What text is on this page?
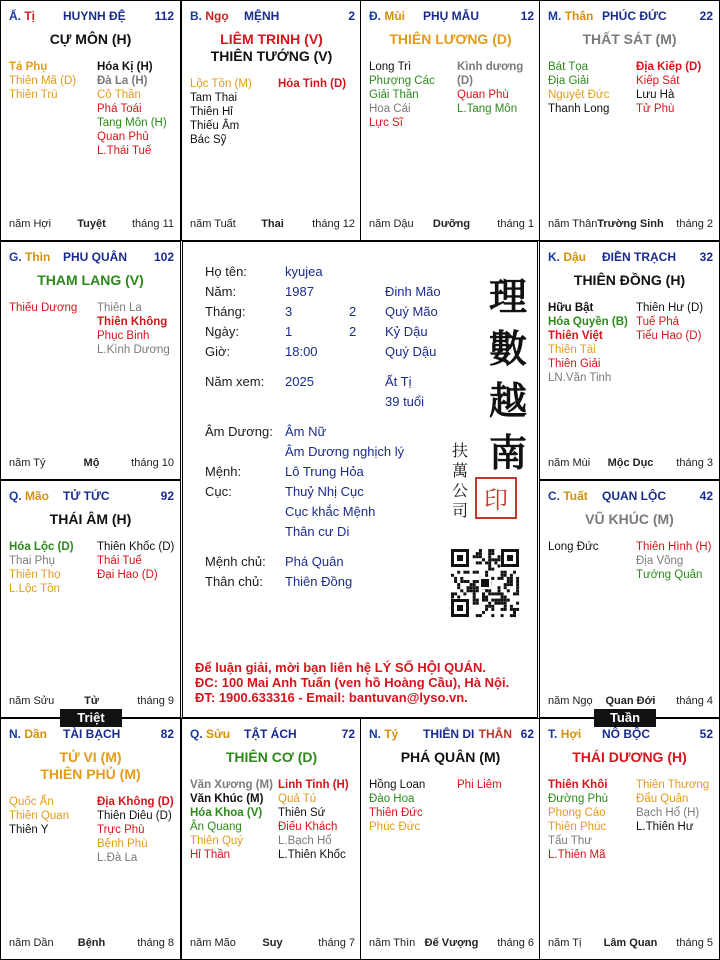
Ấ. Tị HUYNH ĐỆ 112
CỰ MÔN (H)
Tả Phụ
Thiên Mã (D)
Thiên Trù
Hóa Kị (H)
Đà La (H)
Cô Thần
Phá Toái
Tang Môn (H)
Quan Phủ
L.Thái Tuế
năm Hợi	Tuyệt	tháng 11
B. Ngọ MỆNH	2
LIÊM TRINH (V)
THIÊN TƯỚNG (V)
Lộc Tồn (M)
Tam Thai
Thiên Hỉ
Thiếu Âm
Bác Sỹ
Hỏa Tinh (D)
năm Tuất	Thai	tháng 12
Đ. Mùi PHỤ MẪU	12
THIÊN LƯƠNG (D)
Long Trì
Phượng Các
Giải Thần
Hoa Cái
Lực Sĩ
Kình dương (D)
Quan Phù
L.Tang Môn
năm Dậu	Dưỡng	tháng 1
M. Thân PHÚC ĐỨC	22
THẤT SÁT (M)
Bát Tọa
Địa Giải
Nguyệt Đức
Thanh Long
Địa Kiếp (D)
Kiếp Sát
Lưu Hà
Tử Phù
năm Thân Trường Sinh	tháng 2
G. Thìn PHU QUÂN 102
THAM LANG (V)
Thiếu Dương Thiên La
Thiên Không
Phục Binh
L.Kình Dương
năm Tý	Mộ	tháng 10
K. Dậu ĐIỀN TRẠCH 32
THIÊN ĐỒNG (H)
Hữu Bật
Hóa Quyền (B)
Thiên Việt
Thiên Tài
Thiên Giải
LN.Văn Tinh
Thiên Hư (D)
Tuế Phá
Tiểu Hao (D)
năm Mùi	Mộc Dục	tháng 3
Q. Mão TỬ TỨC	92
THÁI ÂM (H)
Hóa Lộc (D)
Thai Phụ
Thiên Thọ
L.Lộc Tồn
Thiên Khốc (D)
Thái Tuế
Đại Hao (D)
năm Sửu	Tử	tháng 9
C. Tuất QUAN LỘC	42
VŨ KHÚC (M)
Long Đức	Thiên Hình (H)
Địa Võng
Tướng Quân
năm Ngọ	Quan Đới	tháng 4
N. Dần TÀI BẠCH	82
TỬ VI (M)
THIÊN PHỦ (M)
Quốc Ấn
Thiên Quan
Thiên Y
Địa Không (D)
Thiên Diêu (D)
Trực Phù
Bệnh Phù
L.Đà La
năm Dần	Bệnh	tháng 8
Q. Sửu TẬT ÁCH	72
THIÊN CƠ (D)
Văn Xương (M)
Văn Khúc (M)
Hóa Khoa (V)
Ân Quang
Thiên Quý
Hỉ Thần
Linh Tinh (H)
Quả Tú
Thiên Sứ
Điếu Khách
L.Bạch Hổ
L.Thiên Khốc
năm Mão	Suy	tháng 7
N. Tý THIÊN DI THÂN 62
PHÁ QUÂN (M)
Hồng Loan
Đào Hoa
Thiên Đức
Phúc Đức
Phi Liêm
năm Thìn Đế Vượng	tháng 6
T. Hợi NÔ BỘC	52
THÁI DƯƠNG (H)
Thiên Khôi
Đường Phù
Phong Cáo
Thiên Phúc
Tấu Thư
L.Thiên Mã
Thiên Thương
Đẩu Quân
Bạch Hổ (H)
L.Thiên Hư
năm Tị	Lâm Quan	tháng 5
Họ tên:	kyujea
Năm:	1987	Đinh Mão
Tháng:	3	2 Quý Mão
Ngày:	1	2 Kỷ Dậu
Giờ:	18:00	Quý Dậu
Năm xem: 2025	Ất Tị
39 tuổi
Âm Dương: Âm Nữ
Âm Dương nghịch lý
Mệnh:	Lô Trung Hỏa
Cục:	Thuỷ Nhị Cục
Cục khắc Mệnh
Thân cư Di
Mệnh chủ: Phá Quân
Thân chủ: Thiên Đồng
Để luận giải, mời bạn liên hệ LÝ SỐ HỘI QUÁN.
ĐC: 100 Mai Anh Tuấn (ven hồ Hoàng Cầu), Hà Nội.
ĐT: 1900.633316 - Email: bantuvan@lyso.vn.
理數越南
扶萬公司 印
Triệt	Tuần
